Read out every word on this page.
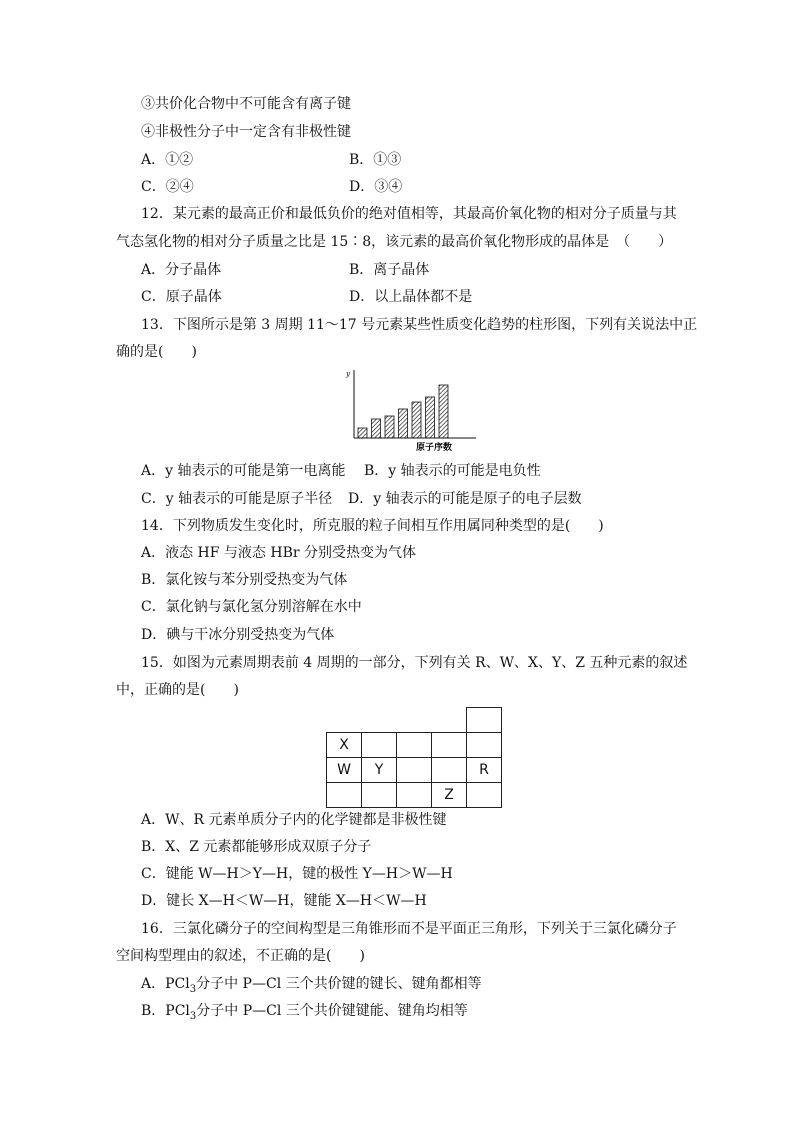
③共价化合物中不可能含有离子键
④非极性分子中一定含有非极性键
A．①②	B．①③
C．②④	D．③④
12．某元素的最高正价和最低负价的绝对值相等，其最高价氧化物的相对分子质量与其
气态氢化物的相对分子质量之比是 15∶8，该元素的最高价氧化物形成的晶体是　（　　）
A．分子晶体	B．离子晶体
C．原子晶体	D．以上晶体都不是
13．下图所示是第 3 周期 11～17 号元素某些性质变化趋势的柱形图，下列有关说法中正
确的是(　　)
y
原子序数
A．y 轴表示的可能是第一电离能 B．y 轴表示的可能是电负性
C．y 轴表示的可能是原子半径 D．y 轴表示的可能是原子的电子层数
14．下列物质发生变化时，所克服的粒子间相互作用属同种类型的是(　　)
A．液态 HF 与液态 HBr 分别受热变为气体
B．氯化铵与苯分别受热变为气体
C．氯化钠与氯化氢分别溶解在水中
D．碘与干冰分别受热变为气体
15．如图为元素周期表前 4 周期的一部分，下列有关 R、W、X、Y、Z 五种元素的叙述
中，正确的是(　　)

X				
W	Y			R
			Z	
A．W、R 元素单质分子内的化学键都是非极性键
B．X、Z 元素都能够形成双原子分子
C．键能 W—H＞Y—H，键的极性 Y—H＞W—H
D．键长 X—H＜W—H，键能 X—H＜W—H
16．三氯化磷分子的空间构型是三角锥形而不是平面正三角形，下列关于三氯化磷分子
空间构型理由的叙述，不正确的是(　　)
A．PCl$_3$分子中 P—Cl 三个共价键的键长、键角都相等
B．PCl$_3$分子中 P—Cl 三个共价键键能、键角均相等
